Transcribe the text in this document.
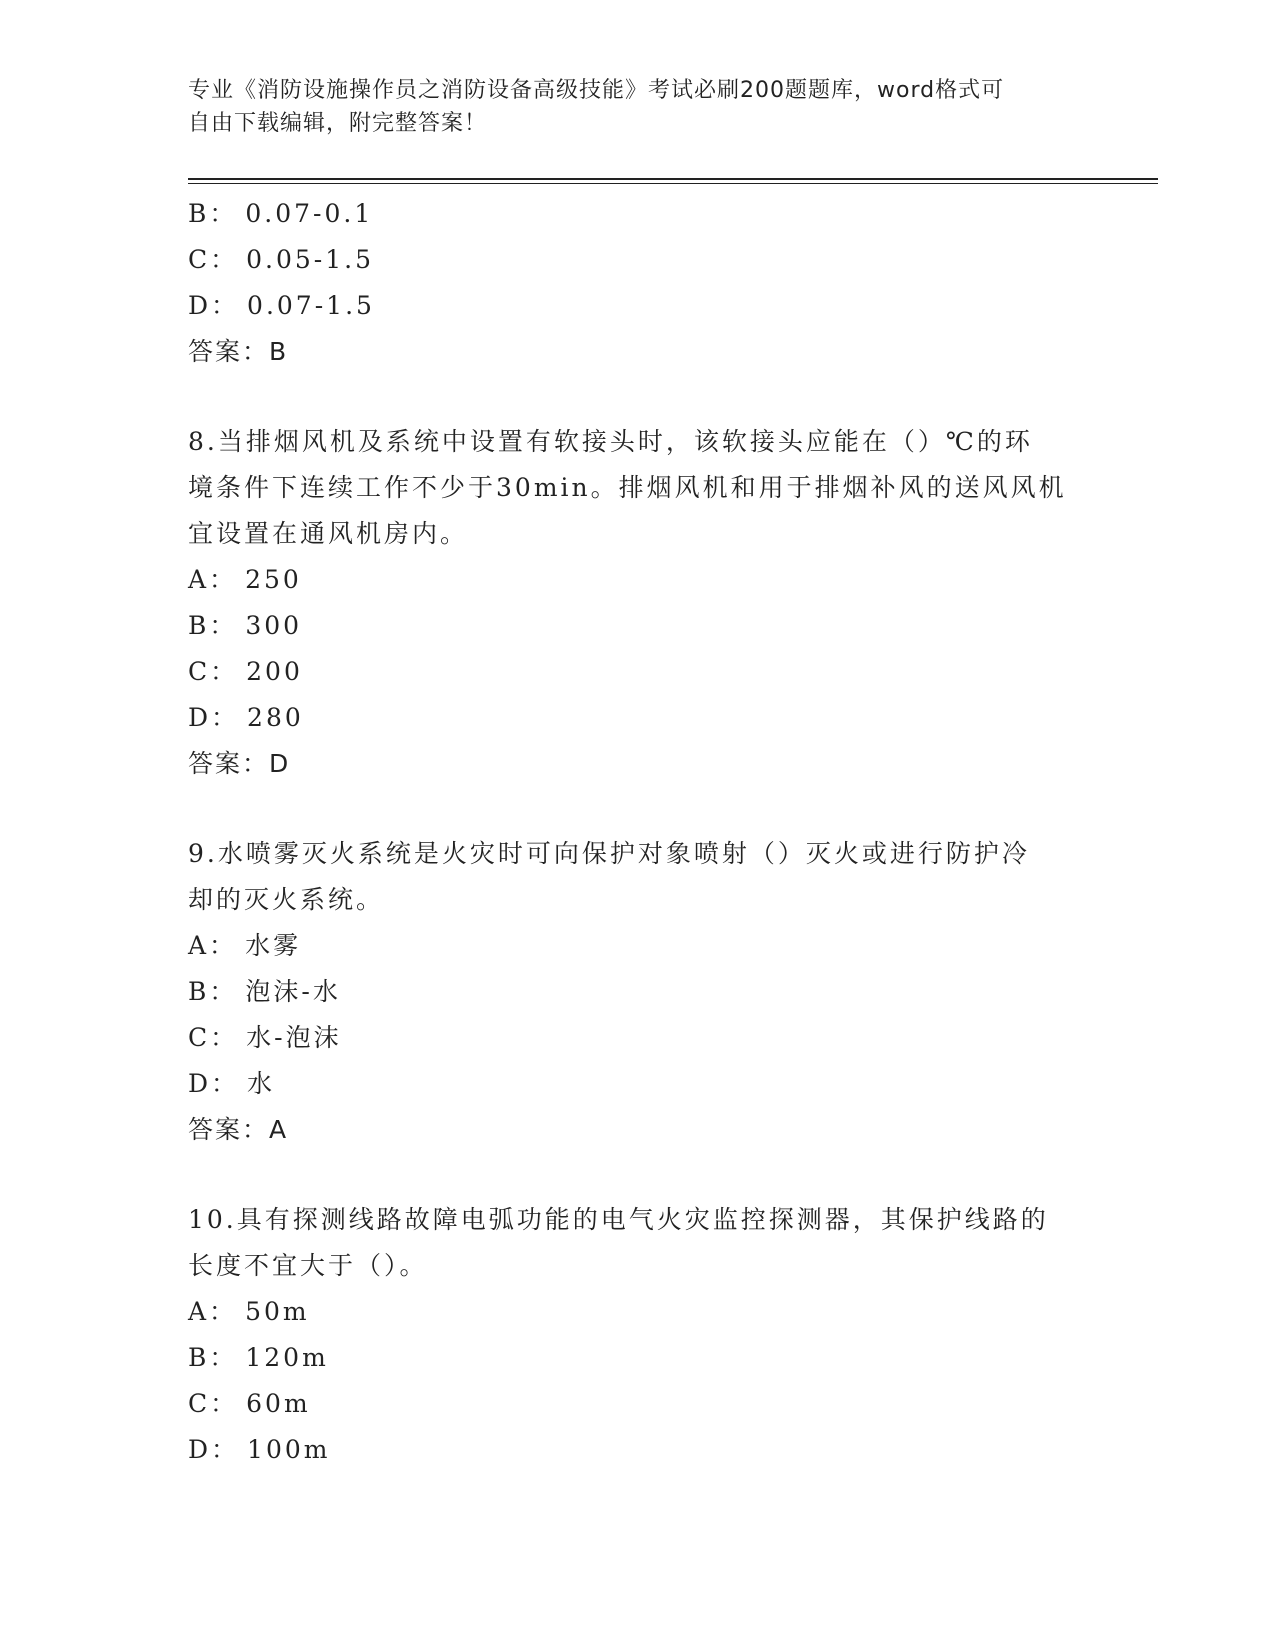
专业《消防设施操作员之消防设备高级技能》考试必刷200题题库，word格式可
自由下载编辑，附完整答案！
B： 0.07-0.1
C： 0.05-1.5
D： 0.07-1.5
答案：B
8.当排烟风机及系统中设置有软接头时，该软接头应能在（）℃的环
境条件下连续工作不少于30min。排烟风机和用于排烟补风的送风风机
宜设置在通风机房内。
A： 250
B： 300
C： 200
D： 280
答案：D
9.水喷雾灭火系统是火灾时可向保护对象喷射（）灭火或进行防护冷
却的灭火系统。
A： 水雾
B： 泡沫-水
C： 水-泡沫
D： 水
答案：A
10.具有探测线路故障电弧功能的电气火灾监控探测器，其保护线路的
长度不宜大于（）。
A： 50m
B： 120m
C： 60m
D： 100m
